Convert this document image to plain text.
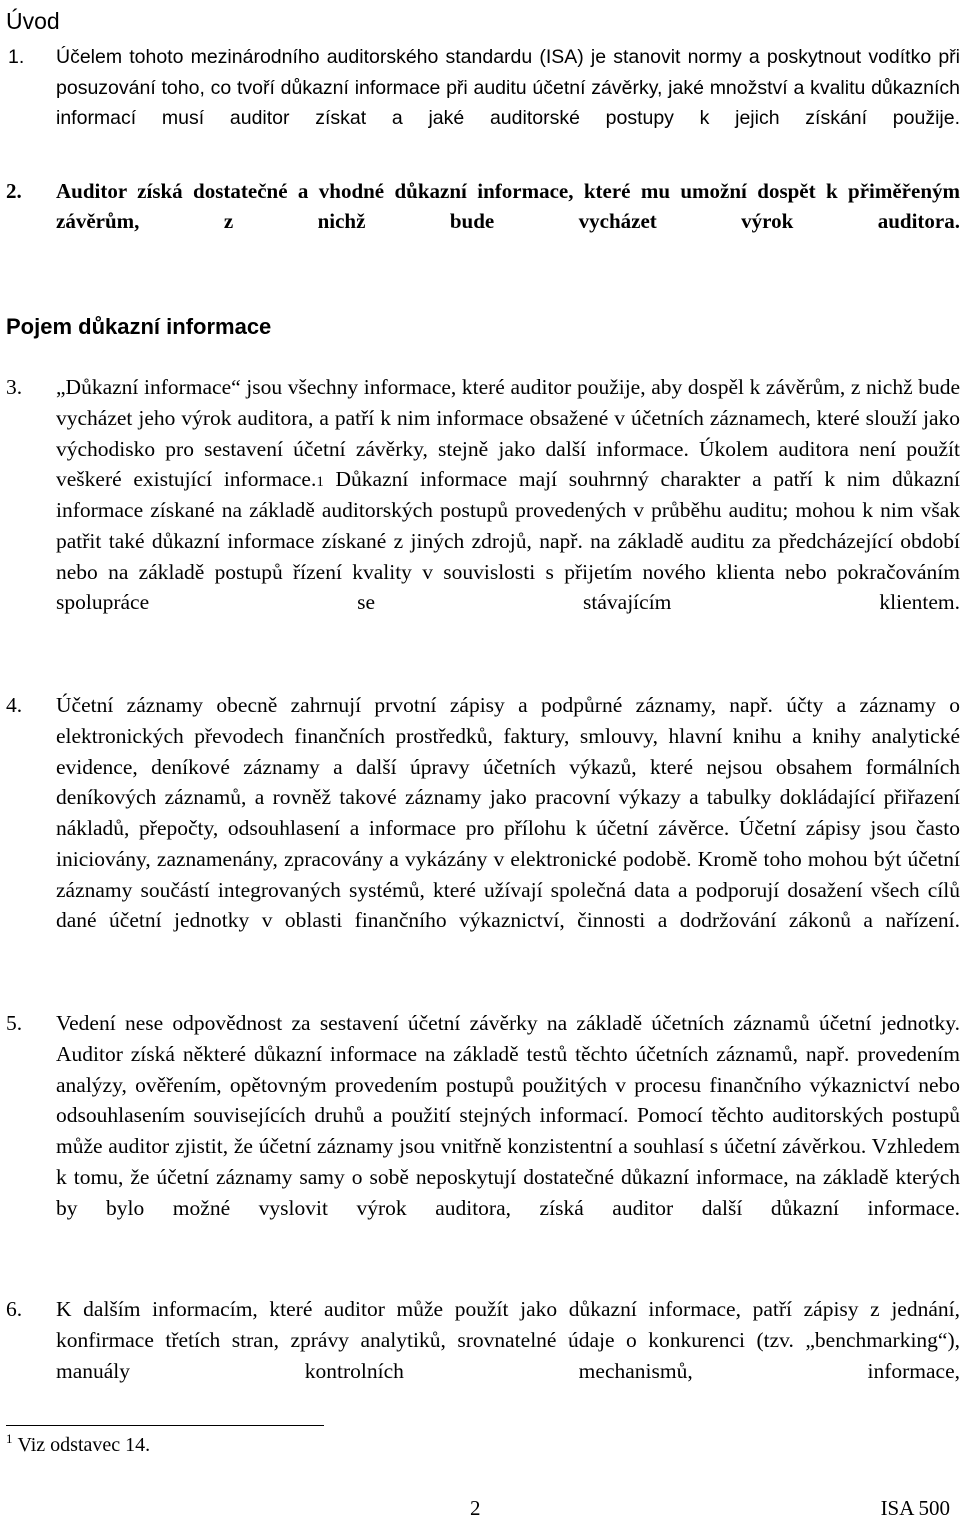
Úvod
1.	Účelem tohoto mezinárodního auditorského standardu (ISA) je stanovit normy a poskytnout vodítko při posuzování toho, co tvoří důkazní informace při auditu účetní závěrky, jaké množství a kvalitu důkazních informací musí auditor získat a jaké auditorské postupy k jejich získání použije.
2.	Auditor získá dostatečné a vhodné důkazní informace, které mu umožní dospět k přiměřeným závěrům, z nichž bude vycházet výrok auditora.
Pojem důkazní informace
3.	„Důkazní informace“ jsou všechny informace, které auditor použije, aby dospěl k závěrům, z nichž bude vycházet jeho výrok auditora, a patří k nim informace obsažené v účetních záznamech, které slouží jako východisko pro sestavení účetní závěrky, stejně jako další informace. Úkolem auditora není použít veškeré existující informace.1 Důkazní informace mají souhrnný charakter a patří k nim důkazní informace získané na základě auditorských postupů provedených v průběhu auditu; mohou k nim však patřit také důkazní informace získané z jiných zdrojů, např. na základě auditu za předcházející období nebo na základě postupů řízení kvality v souvislosti s přijetím nového klienta nebo pokračováním spolupráce se stávajícím klientem.
4.	Účetní záznamy obecně zahrnují prvotní zápisy a podpůrné záznamy, např. účty a záznamy o elektronických převodech finančních prostředků, faktury, smlouvy, hlavní knihu a knihy analytické evidence, deníkové záznamy a další úpravy účetních výkazů, které nejsou obsahem formálních deníkových záznamů, a rovněž takové záznamy jako pracovní výkazy a tabulky dokládající přiřazení nákladů, přepočty, odsouhlasení a informace pro přílohu k účetní závěrce. Účetní zápisy jsou často iniciovány, zaznamenány, zpracovány a vykázány v elektronické podobě. Kromě toho mohou být účetní záznamy součástí integrovaných systémů, které užívají společná data a podporují dosažení všech cílů dané účetní jednotky v oblasti finančního výkaznictví, činnosti a dodržování zákonů a nařízení.
5.	Vedení nese odpovědnost za sestavení účetní závěrky na základě účetních záznamů účetní jednotky. Auditor získá některé důkazní informace na základě testů těchto účetních záznamů, např. provedením analýzy, ověřením, opětovným provedením postupů použitých v procesu finančního výkaznictví nebo odsouhlasením souvisejících druhů a použití stejných informací. Pomocí těchto auditorských postupů může auditor zjistit, že účetní záznamy jsou vnitřně konzistentní a souhlasí s účetní závěrkou. Vzhledem k tomu, že účetní záznamy samy o sobě neposkytují dostatečné důkazní informace, na základě kterých by bylo možné vyslovit výrok auditora, získá auditor další důkazní informace.
6.	K dalším informacím, které auditor může použít jako důkazní informace, patří zápisy z jednání, konfirmace třetích stran, zprávy analytiků, srovnatelné údaje o konkurenci (tzv. „benchmarking“), manuály kontrolních mechanismů, informace,
$^1$ Viz odstavec 14.
2	ISA 500
